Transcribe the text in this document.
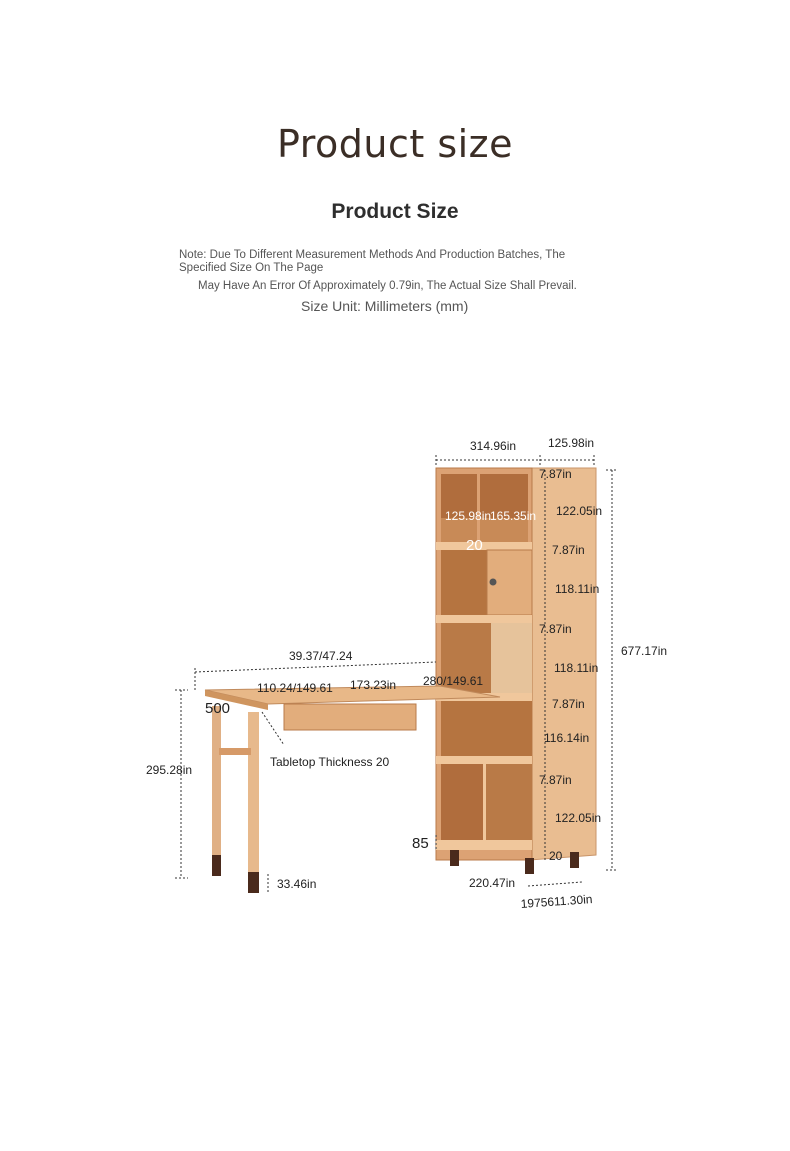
Product size
Product Size
Note: Due To Different Measurement Methods And Production Batches, The Specified Size On The Page
May Have An Error Of Approximately 0.79in, The Actual Size Shall Prevail.
Size Unit: Millimeters (mm)
314.96in	125.98in
7.87in
122.05in
125.98in
165.35in
20	7.87in
118.11in
7.87in
118.11in
7.87in
116.14in
7.87in
122.05in
20
677.17in
39.37/47.24
110.24/149.61 173.23in 280/149.61
500
Tabletop Thickness 20
295.28in
33.46in
85
220.47in
1975611.30in
